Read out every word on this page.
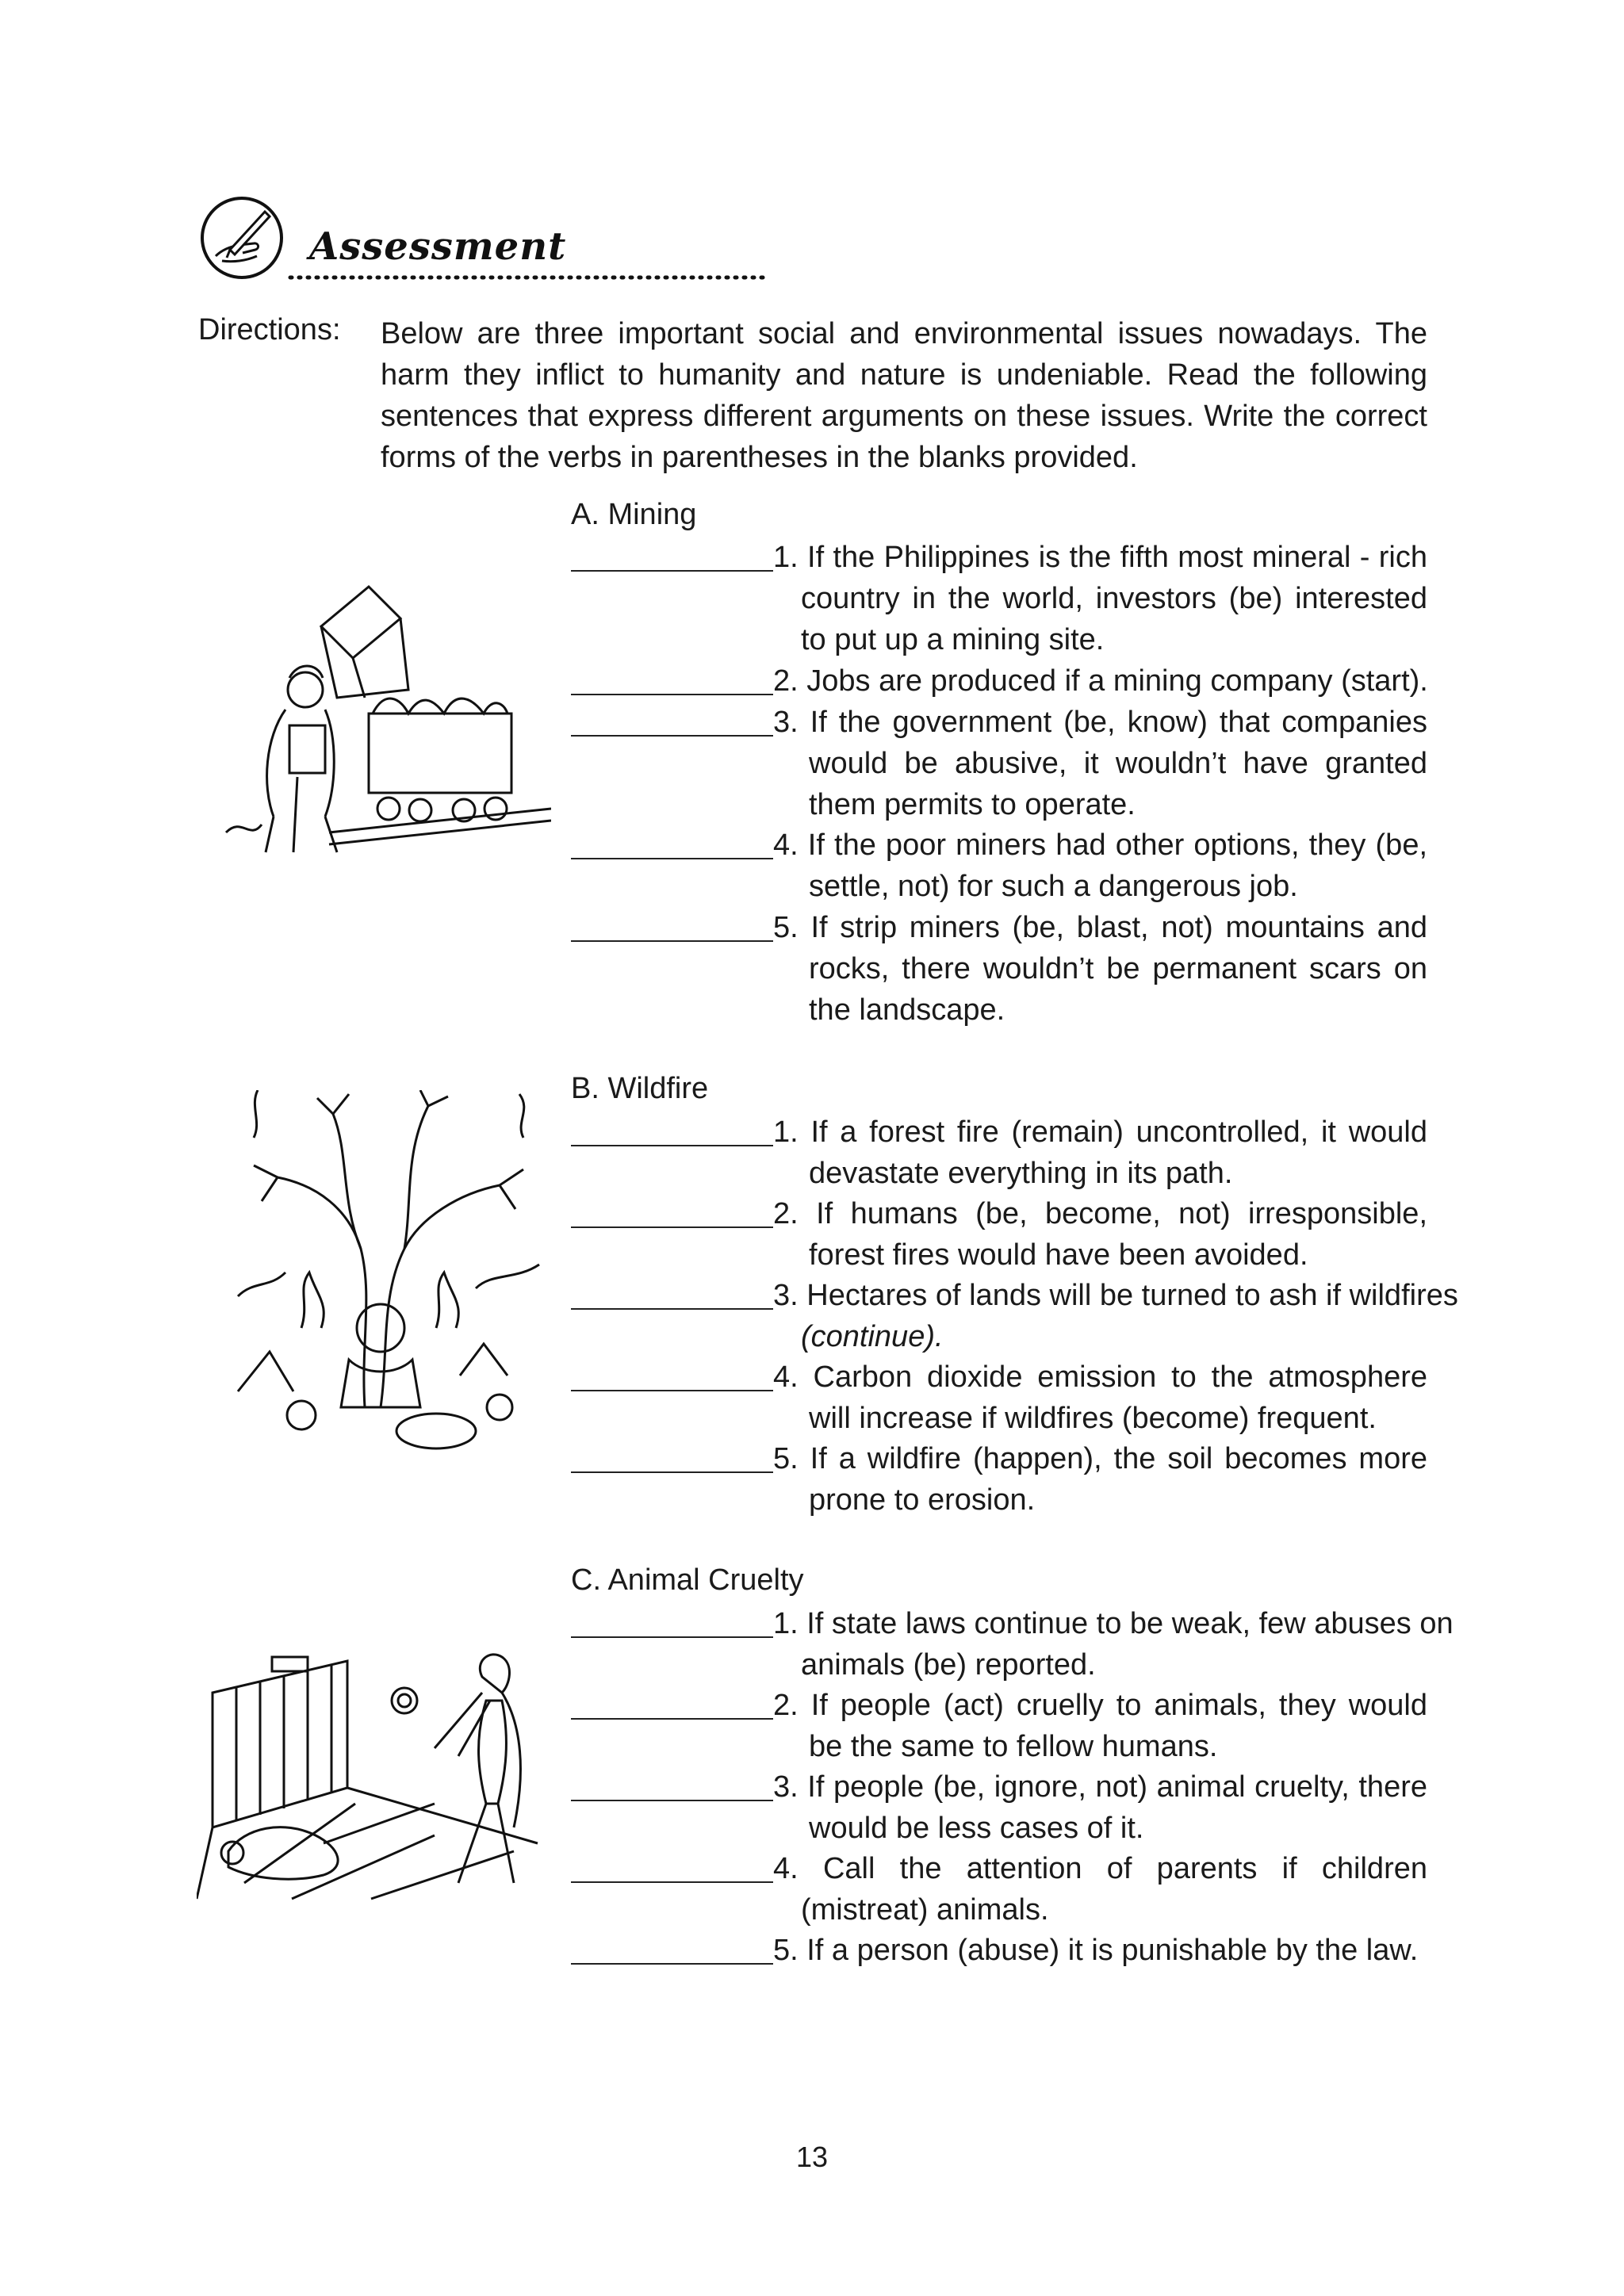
Assessment
Directions: Below are three important social and environmental issues nowadays. The harm they inflict to humanity and nature is undeniable. Read the following sentences that express different arguments on these issues. Write the correct forms of the verbs in parentheses in the blanks provided.
A. Mining
1. If the Philippines is the fifth most mineral - rich
country in the world, investors (be) interested to put up a mining site.
2. Jobs are produced if a mining company (start).
3. If the government (be, know) that companies
would be abusive, it wouldn’t have granted them permits to operate.
4. If the poor miners had other options, they (be,
settle, not) for such a dangerous job.
5. If strip miners (be, blast, not) mountains and
rocks, there wouldn’t be permanent scars on the landscape.
B. Wildfire
1. If a forest fire (remain) uncontrolled, it would
devastate everything in its path.
2. If humans (be, become, not) irresponsible,
forest fires would have been avoided.
3. Hectares of lands will be turned to ash if wildfires
(continue).
4. Carbon dioxide emission to the atmosphere
will increase if wildfires (become) frequent.
5. If a wildfire (happen), the soil becomes more
prone to erosion.
C. Animal Cruelty
1. If state laws continue to be weak, few abuses on
animals (be) reported.
2. If people (act) cruelly to animals, they would
be the same to fellow humans.
3. If people (be, ignore, not) animal cruelty, there
would be less cases of it.
4. Call the attention of parents if children
(mistreat) animals.
5. If a person (abuse) it is punishable by the law.
13
